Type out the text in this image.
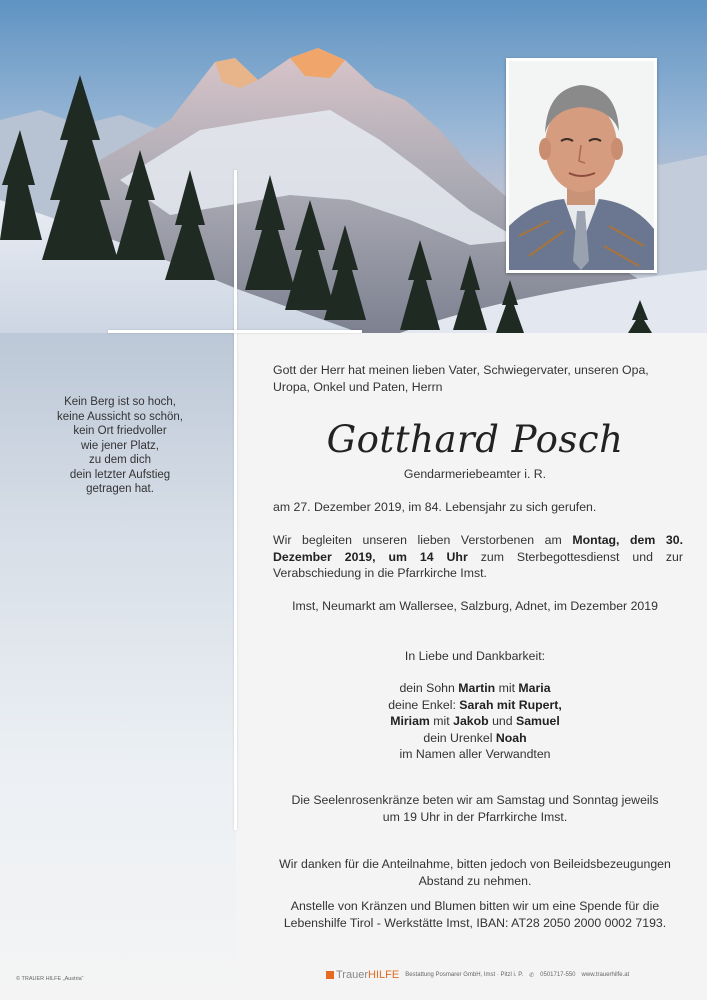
Kein Berg ist so hoch,
keine Aussicht so schön,
kein Ort friedvoller
wie jener Platz,
zu dem dich
dein letzter Aufstieg
getragen hat.
Gott der Herr hat meinen lieben Vater, Schwiegervater, unseren Opa, Uropa, Onkel und Paten, Herrn
Gotthard Posch
Gendarmeriebeamter i. R.
am 27. Dezember 2019, im 84. Lebensjahr zu sich gerufen.
Wir begleiten unseren lieben Verstorbenen am Montag, dem 30. Dezember 2019, um 14 Uhr zum Sterbegottesdienst und zur Verabschiedung in die Pfarrkirche Imst.
Imst, Neumarkt am Wallersee, Salzburg, Adnet, im Dezember 2019
In Liebe und Dankbarkeit:
dein Sohn Martin mit Maria
deine Enkel: Sarah mit Rupert,
Miriam mit Jakob und Samuel
dein Urenkel Noah
im Namen aller Verwandten
Die Seelenrosenkränze beten wir am Samstag und Sonntag jeweils
um 19 Uhr in der Pfarrkirche Imst.
Wir danken für die Anteilnahme, bitten jedoch von Beileidsbezeugungen
Abstand zu nehmen.
Anstelle von Kränzen und Blumen bitten wir um eine Spende für die
Lebenshilfe Tirol - Werkstätte Imst, IBAN: AT28 2050 2000 0002 7193.
© TRAUER HILFE „Austria“	Trauer HILFE Bestattung Posmarer GmbH, Imst · Pitzl i. P. ✆ 0501717-550 www.trauerhilfe.at
